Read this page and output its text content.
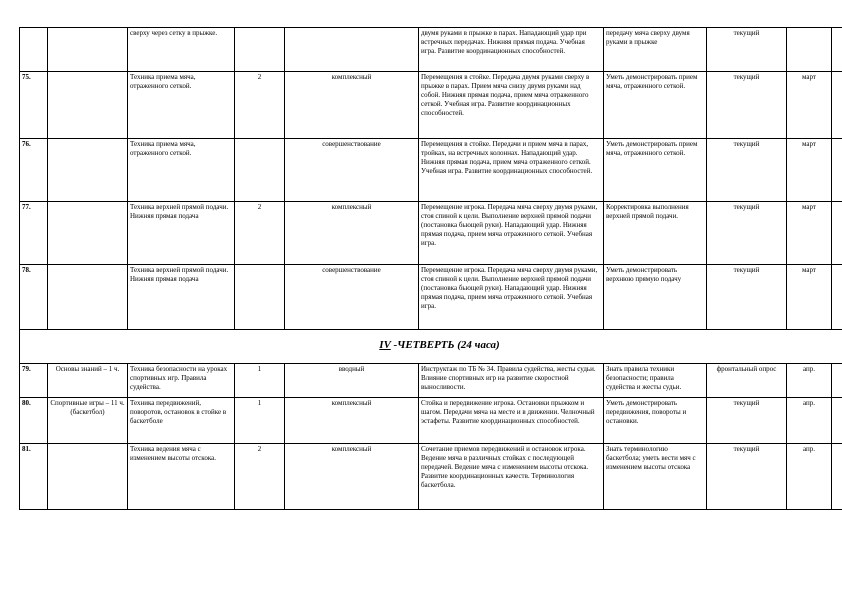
		сверху через сетку в прыжке.			двумя руками в прыжке в парах. Нападающий удар при встречных передачах. Нижняя прямая подача. Учебная игра. Развитие координационных способностей.	передачу мяча сверху двумя руками в прыжке	текущий		
75.		Техника приема мяча, отраженного сеткой.	2	комплексный	Перемещения в стойке. Передача двумя руками сверху в прыжке в парах. Прием мяча снизу двумя руками над собой. Нижняя прямая подача, прием мяча отраженного сеткой. Учебная игра. Развитие координационных способностей.	Уметь демонстрировать прием мяча, отраженного сеткой.	текущий	март	
76.		Техника приема мяча, отраженного сеткой.		совершенствование	Перемещения в стойке. Передачи и прием мяча в парах, тройках, на встречных колоннах. Нападающий удар. Нижняя прямая подача, прием мяча отраженного сеткой. Учебная игра. Развитие координационных способностей.	Уметь демонстрировать прием мяча, отраженного сеткой.	текущий	март	
77.		Техника верхней прямой подачи. Нижняя прямая подача	2	комплексный	Перемещение игрока. Передача мяча сверху двумя руками, стоя спиной к цели. Выполнение верхней прямой подачи (постановка бьющей руки). Нападающий удар. Нижняя прямая подача, прием мяча отраженного сеткой. Учебная игра.	Корректировка выполнения верхней прямой подачи.	текущий	март	
78.		Техника верхней прямой подачи. Нижняя прямая подача		совершенствование	Перемещение игрока. Передача мяча сверху двумя руками, стоя спиной к цели. Выполнение верхней прямой подачи (постановка бьющей руки). Нападающий удар. Нижняя прямая подача, прием мяча отраженного сеткой. Учебная игра.	Уметь демонстрировать верхнюю прямую подачу	текущий	март	
IV -ЧЕТВЕРТЬ (24 часа)									
79.	Основы знаний – 1 ч.	Техника безопасности на уроках спортивных игр. Правила судейства.	1	вводный	Инструктаж по ТБ № 34. Правила судейства, жесты судьи. Влияние спортивных игр на развитие скоростной выносливости.	Знать правила техники безопасности; правила судейства и жесты судьи.	фронтальный опрос	апр.	
80.	Спортивные игры – 11 ч. (баскетбол)	Техника передвижений, поворотов, остановок в стойке в баскетболе	1	комплексный	Стойка и передвижение игрока. Остановки прыжком и шагом. Передачи мяча на месте и в движении. Челночный эстафеты. Развитие координационных способностей.	Уметь демонстрировать передвижения, повороты и остановки.	текущий	апр.	
81.		Техника ведения мяча с изменением высоты отскока.	2	комплексный	Сочетание приемов передвижений и остановок игрока. Ведение мяча в различных стойках с последующей передачей. Ведение мяча с изменением высоты отскока. Развитие координационных качеств. Терминология баскетбола.	Знать терминологию баскетбола; уметь вести мяч с изменением высоты отскока	текущий	апр.	
